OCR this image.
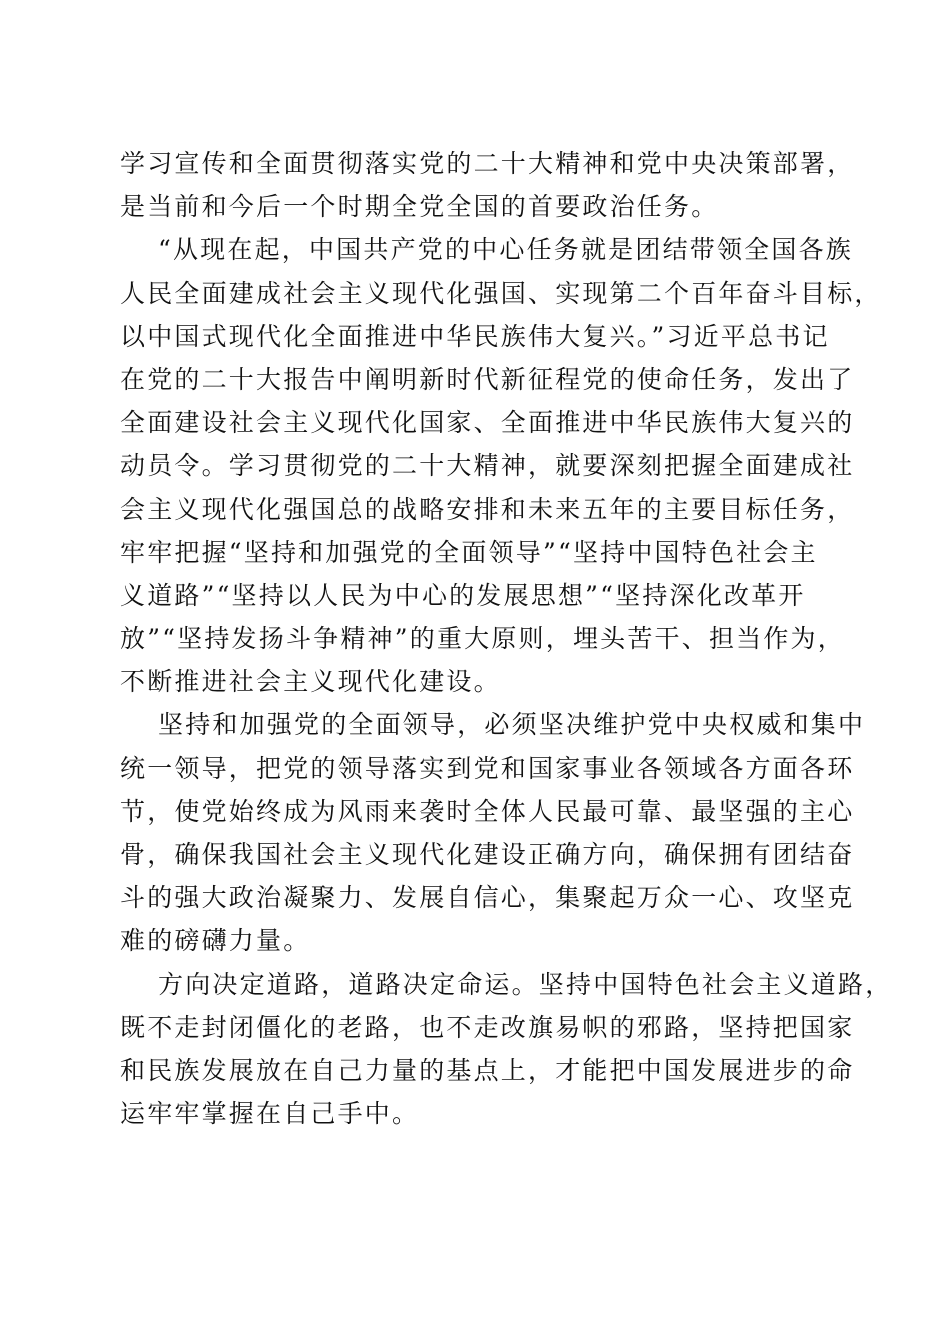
学习宣传和全面贯彻落实党的二十大精神和党中央决策部署，
是当前和今后一个时期全党全国的首要政治任务。
“从现在起，中国共产党的中心任务就是团结带领全国各族
人民全面建成社会主义现代化强国、实现第二个百年奋斗目标，
以中国式现代化全面推进中华民族伟大复兴。”习近平总书记
在党的二十大报告中阐明新时代新征程党的使命任务，发出了
全面建设社会主义现代化国家、全面推进中华民族伟大复兴的
动员令。学习贯彻党的二十大精神，就要深刻把握全面建成社
会主义现代化强国总的战略安排和未来五年的主要目标任务，
牢牢把握“坚持和加强党的全面领导”“坚持中国特色社会主
义道路”“坚持以人民为中心的发展思想”“坚持深化改革开
放”“坚持发扬斗争精神”的重大原则，埋头苦干、担当作为，
不断推进社会主义现代化建设。
坚持和加强党的全面领导，必须坚决维护党中央权威和集中
统一领导，把党的领导落实到党和国家事业各领域各方面各环
节，使党始终成为风雨来袭时全体人民最可靠、最坚强的主心
骨，确保我国社会主义现代化建设正确方向，确保拥有团结奋
斗的强大政治凝聚力、发展自信心，集聚起万众一心、攻坚克
难的磅礴力量。
方向决定道路，道路决定命运。坚持中国特色社会主义道路，
既不走封闭僵化的老路，也不走改旗易帜的邪路，坚持把国家
和民族发展放在自己力量的基点上，才能把中国发展进步的命
运牢牢掌握在自己手中。
